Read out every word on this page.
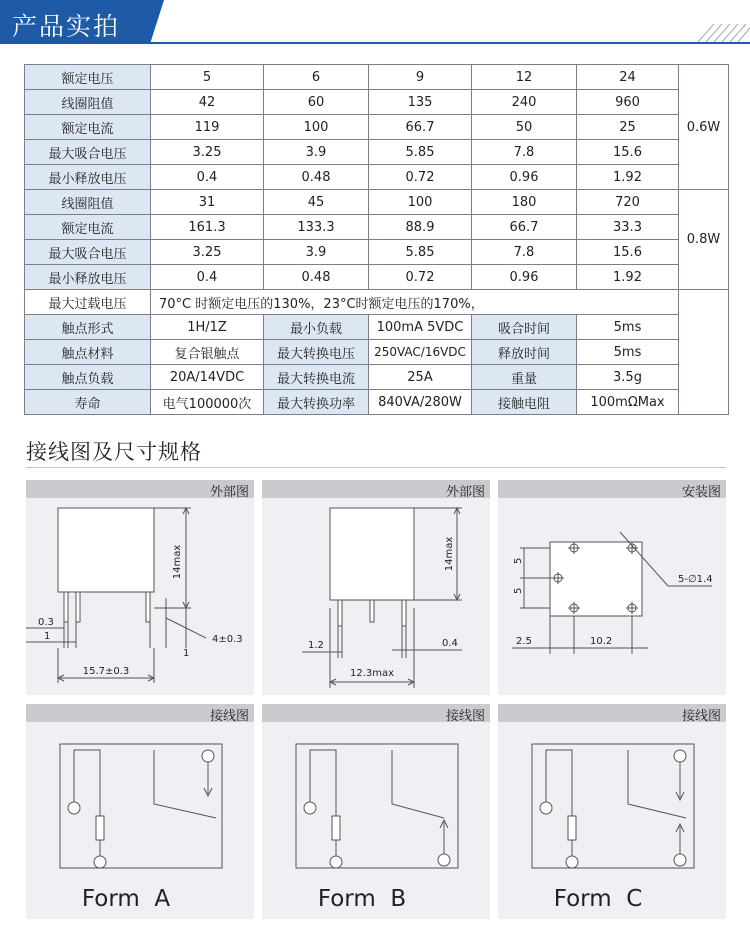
产品实拍
额定电压	5	6	9	12	24	0.6W
线圈阻值	42	60	135	240	960	
额定电流	119	100	66.7	50	25	
最大吸合电压	3.25	3.9	5.85	7.8	15.6	
最小释放电压	0.4	0.48	0.72	0.96	1.92	
线圈阻值	31	45	100	180	720	0.8W
额定电流	161.3	133.3	88.9	66.7	33.3	
最大吸合电压	3.25	3.9	5.85	7.8	15.6	
最小释放电压	0.4	0.48	0.72	0.96	1.92	
最大过载电压	70°C 时额定电压的130%，23°C时额定电压的170%，					
触点形式	1H/1Z	最小负载	100mA 5VDC	吸合时间	5ms	
触点材料	复合银触点	最大转换电压	250VAC/16VDC	释放时间	5ms	
触点负载	20A/14VDC	最大转换电流	25A	重量	3.5g	
寿命	电气100000次	最大转换功率	840VA/280W	接触电阻	100mΩMax	
接线图及尺寸规格
外部图
14max
0.3
1
1
4±0.3
15.7±0.3
外部图
14max
1.2	0.4
12.3max
安装图
5
5
5-∅1.4
2.5	10.2
接线图
Form  A
接线图
Form  B
接线图
Form  C
